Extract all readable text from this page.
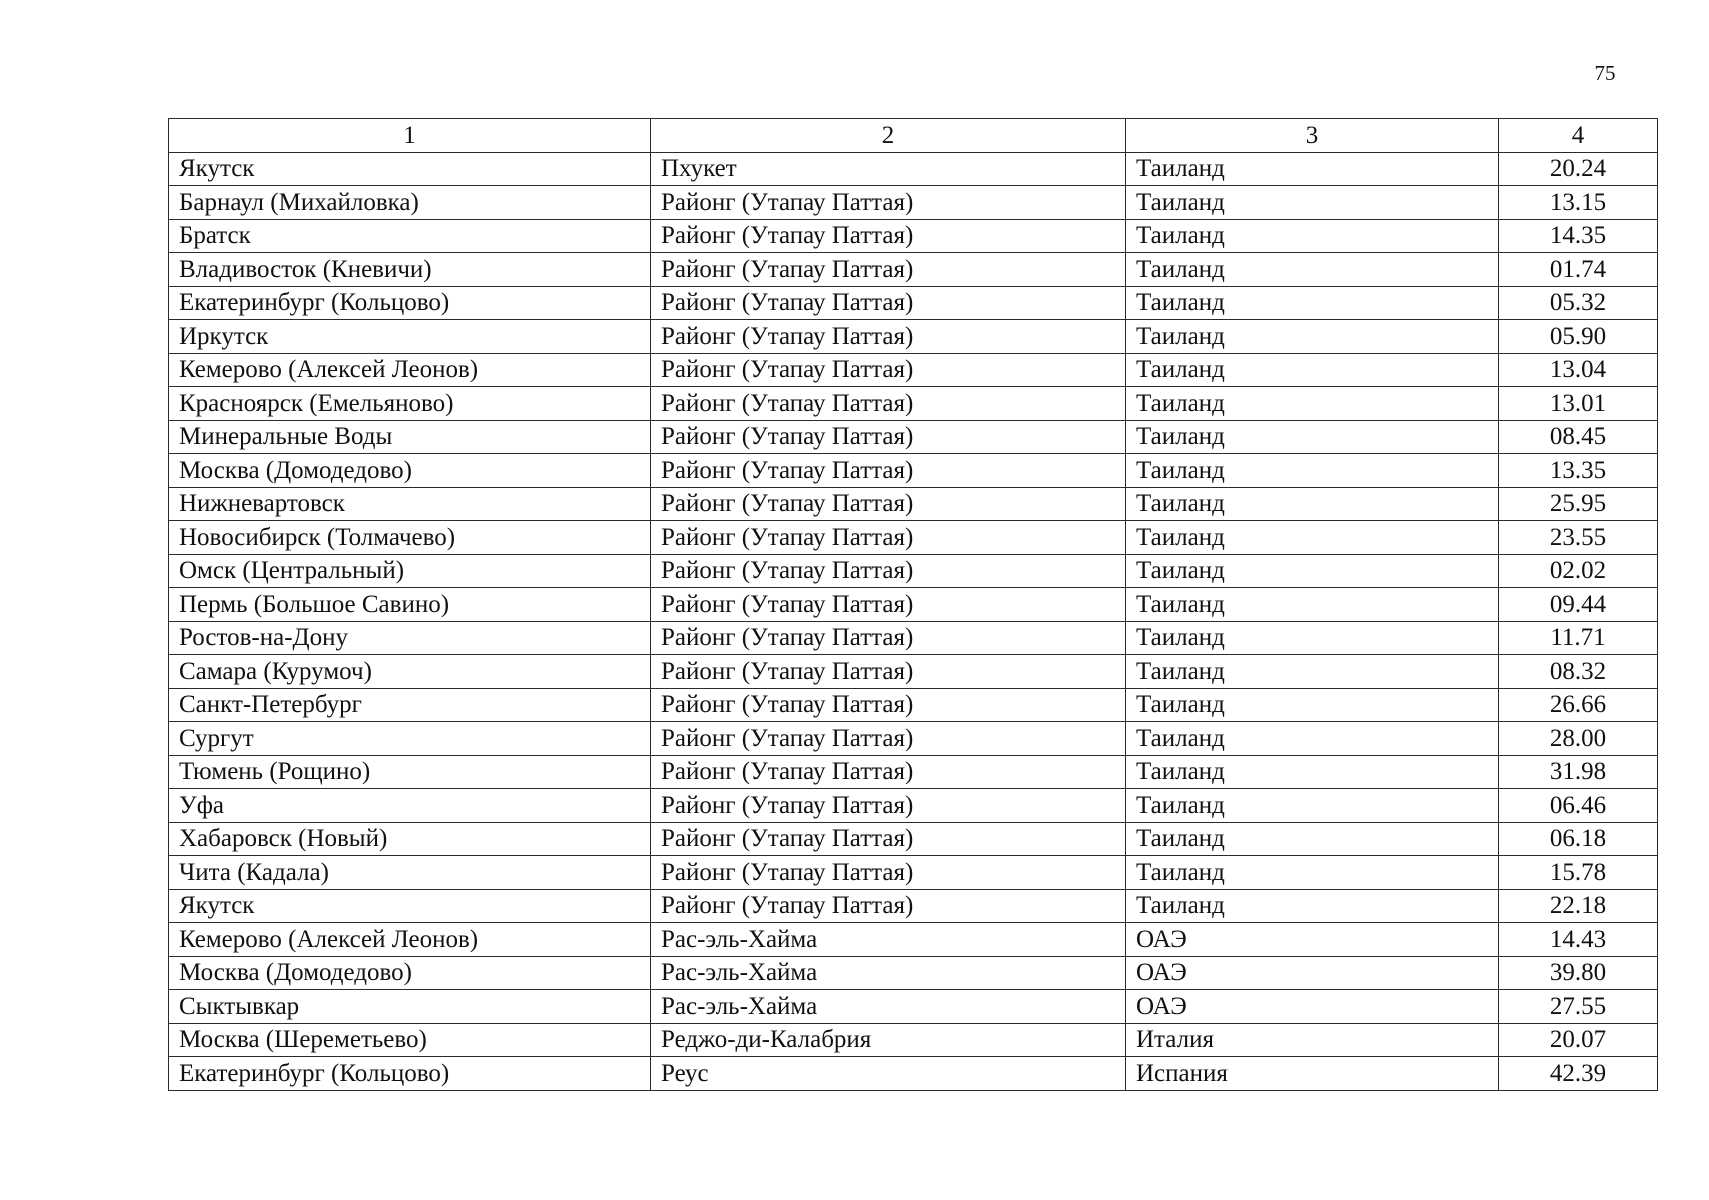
75
1	2	3	4
Якутск	Пхукет	Таиланд	20.24
Барнаул (Михайловка)	Районг (Утапау Паттая)	Таиланд	13.15
Братск	Районг (Утапау Паттая)	Таиланд	14.35
Владивосток (Кневичи)	Районг (Утапау Паттая)	Таиланд	01.74
Екатеринбург (Кольцово)	Районг (Утапау Паттая)	Таиланд	05.32
Иркутск	Районг (Утапау Паттая)	Таиланд	05.90
Кемерово (Алексей Леонов)	Районг (Утапау Паттая)	Таиланд	13.04
Красноярск (Емельяново)	Районг (Утапау Паттая)	Таиланд	13.01
Минеральные Воды	Районг (Утапау Паттая)	Таиланд	08.45
Москва (Домодедово)	Районг (Утапау Паттая)	Таиланд	13.35
Нижневартовск	Районг (Утапау Паттая)	Таиланд	25.95
Новосибирск (Толмачево)	Районг (Утапау Паттая)	Таиланд	23.55
Омск (Центральный)	Районг (Утапау Паттая)	Таиланд	02.02
Пермь (Большое Савино)	Районг (Утапау Паттая)	Таиланд	09.44
Ростов-на-Дону	Районг (Утапау Паттая)	Таиланд	11.71
Самара (Курумоч)	Районг (Утапау Паттая)	Таиланд	08.32
Санкт-Петербург	Районг (Утапау Паттая)	Таиланд	26.66
Сургут	Районг (Утапау Паттая)	Таиланд	28.00
Тюмень (Рощино)	Районг (Утапау Паттая)	Таиланд	31.98
Уфа	Районг (Утапау Паттая)	Таиланд	06.46
Хабаровск (Новый)	Районг (Утапау Паттая)	Таиланд	06.18
Чита (Кадала)	Районг (Утапау Паттая)	Таиланд	15.78
Якутск	Районг (Утапау Паттая)	Таиланд	22.18
Кемерово (Алексей Леонов)	Рас-эль-Хайма	ОАЭ	14.43
Москва (Домодедово)	Рас-эль-Хайма	ОАЭ	39.80
Сыктывкар	Рас-эль-Хайма	ОАЭ	27.55
Москва (Шереметьево)	Реджо-ди-Калабрия	Италия	20.07
Екатеринбург (Кольцово)	Реус	Испания	42.39
